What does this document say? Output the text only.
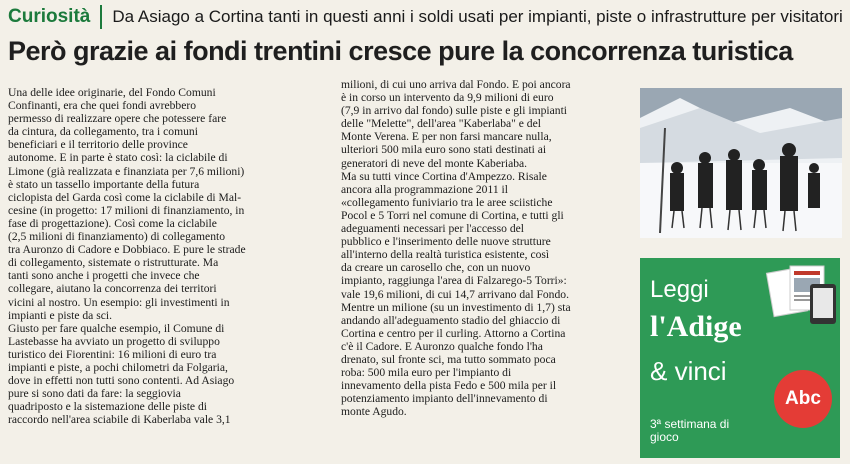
Curiosità Da Asiago a Cortina tanti in questi anni i soldi usati per impianti, piste o infrastrutture per visitatori
Però grazie ai fondi trentini cresce pure la concorrenza turistica

Una delle idee originarie, del Fondo Comuni

Confinanti, era che quei fondi avrebbero

permesso di realizzare opere che potessere fare

da cintura, da collegamento, tra i comuni

beneficiari e il territorio delle province

autonome. E in parte è stato così: la ciclabile di

Limone (già realizzata e finanziata per 7,6 milioni)

è stato un tassello importante della futura

ciclopista del Garda così come la ciclabile di Mal-

cesine (in progetto: 17 milioni di finanziamento, in

fase di progettazione). Così come la ciclabile

(2,5 milioni di finanziamento) di collegamento

tra Auronzo di Cadore e Dobbiaco. E pure le strade

di collegamento, sistemate o ristrutturate. Ma

tanti sono anche i progetti che invece che

collegare, aiutano la concorrenza dei territori

vicini al nostro. Un esempio: gli investimenti in

impianti e piste da sci.

Giusto per fare qualche esempio, il Comune di

Lastebasse ha avviato un progetto di sviluppo

turistico dei Fiorentini: 16 milioni di euro tra

impianti e piste, a pochi chilometri da Folgaria,

dove in effetti non tutti sono contenti. Ad Asiago

pure si sono dati da fare: la seggiovia

quadriposto e la sistemazione delle piste di

raccordo nell'area sciabile di Kaberlaba vale 3,1

milioni, di cui uno arriva dal Fondo. E poi ancora

è in corso un intervento da 9,9 milioni di euro

(7,9 in arrivo dal fondo) sulle piste e gli impianti

delle "Melette", dell'area "Kaberlaba" e del

Monte Verena. E per non farsi mancare nulla,

ulteriori 500 mila euro sono stati destinati ai

generatori di neve del monte Kaberiaba.

Ma su tutti vince Cortina d'Ampezzo. Risale

ancora alla programmazione 2011 il

«collegamento funiviario tra le aree sciistiche

Pocol e 5 Torri nel comune di Cortina, e tutti gli

adeguamenti necessari per l'accesso del

pubblico e l'inserimento delle nuove strutture

all'interno della realtà turistica esistente, così

da creare un carosello che, con un nuovo

impianto, raggiunga l'area di Falzarego-5 Torri»:

vale 19,6 milioni, di cui 14,7 arrivano dal Fondo.

Mentre un milione (su un investimento di 1,7) sta

andando all'adeguamento stadio del ghiaccio di

Cortina e centro per il curling. Attorno a Cortina

c'è il Cadore. E Auronzo qualche fondo l'ha

drenato, sul fronte sci, ma tutto sommato poca

roba: 500 mila euro per l'impianto di

innevamento della pista Fedo e 500 mila per il

potenziamento impianto dell'innevamento di

monte Agudo.

Leggi
l'Adige
& vinci
3ª settimana di gioco
Abc
